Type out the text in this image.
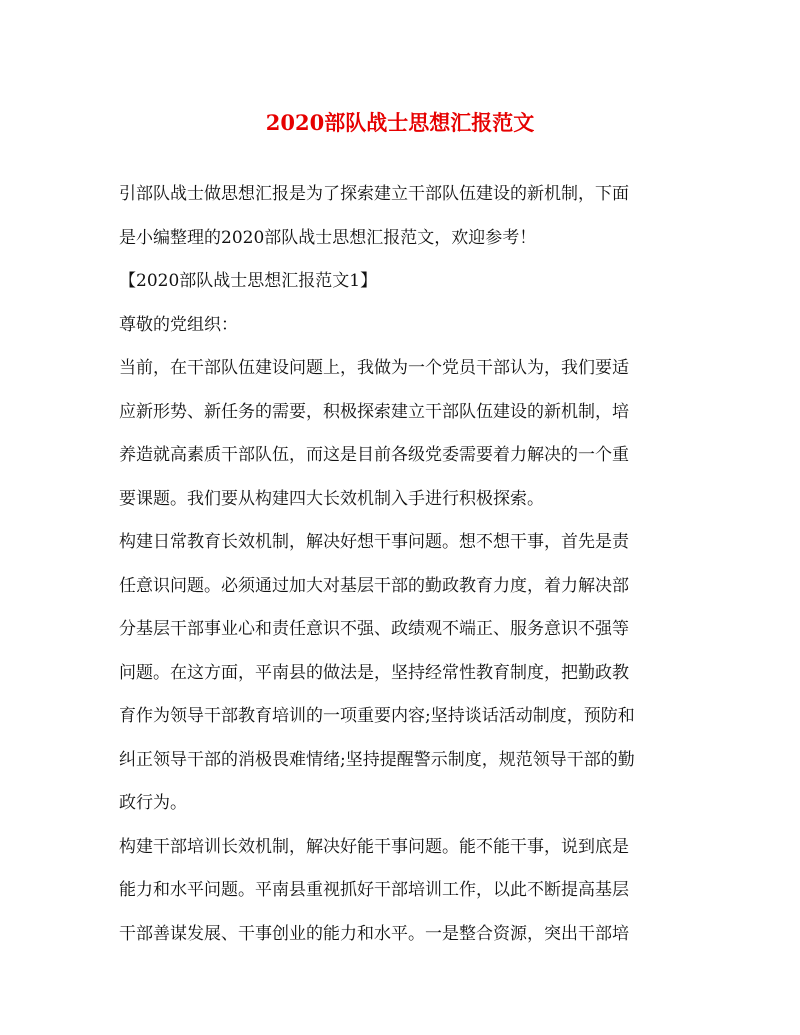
2020部队战士思想汇报范文
引部队战士做思想汇报是为了探索建立干部队伍建设的新机制，下面
是小编整理的2020部队战士思想汇报范文，欢迎参考！
【2020部队战士思想汇报范文1】
尊敬的党组织：
当前，在干部队伍建设问题上，我做为一个党员干部认为，我们要适
应新形势、新任务的需要，积极探索建立干部队伍建设的新机制，培
养造就高素质干部队伍，而这是目前各级党委需要着力解决的一个重
要课题。我们要从构建四大长效机制入手进行积极探索。
构建日常教育长效机制，解决好想干事问题。想不想干事，首先是责
任意识问题。必须通过加大对基层干部的勤政教育力度，着力解决部
分基层干部事业心和责任意识不强、政绩观不端正、服务意识不强等
问题。在这方面，平南县的做法是，坚持经常性教育制度，把勤政教
育作为领导干部教育培训的一项重要内容;坚持谈话活动制度，预防和
纠正领导干部的消极畏难情绪;坚持提醒警示制度，规范领导干部的勤
政行为。
构建干部培训长效机制，解决好能干事问题。能不能干事，说到底是
能力和水平问题。平南县重视抓好干部培训工作，以此不断提高基层
干部善谋发展、干事创业的能力和水平。一是整合资源，突出干部培
